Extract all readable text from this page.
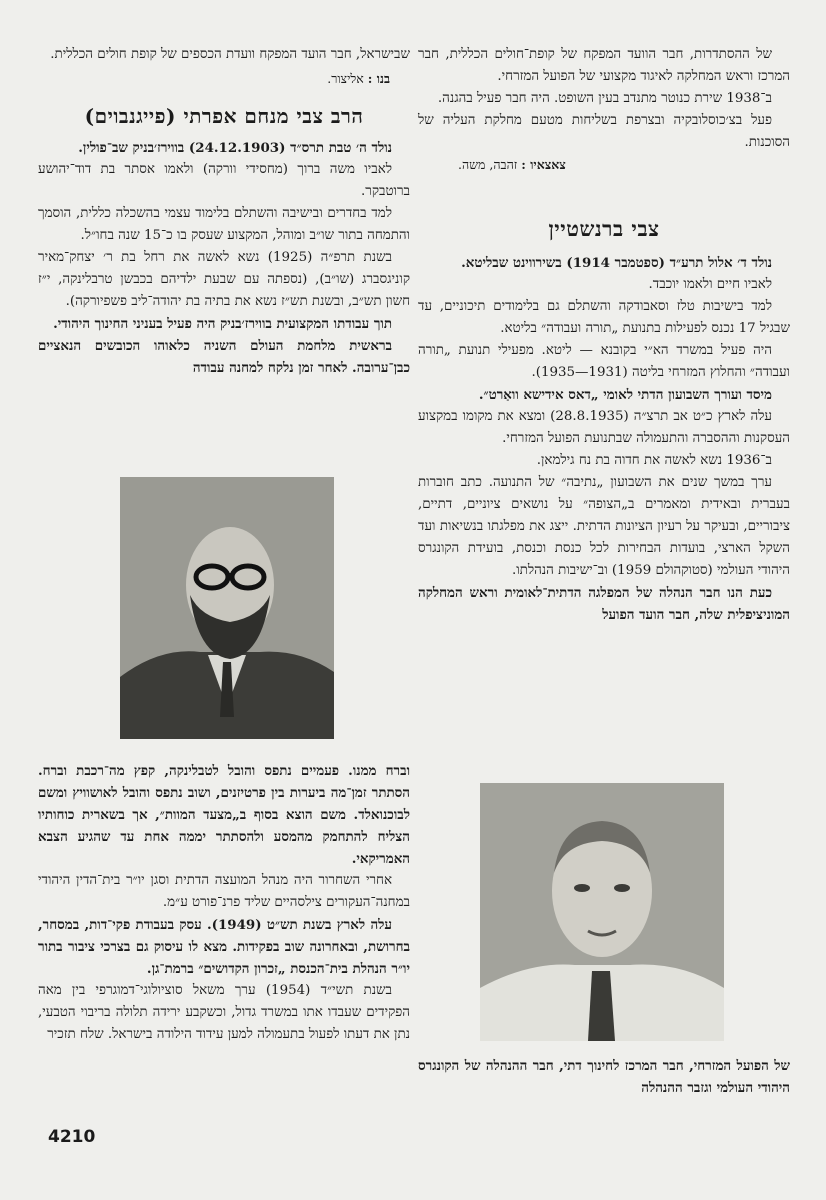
של ההסתדרות, חבר הוועד המפקח של קופת־חולים הכללית, חבר המרכז וראש המחלקה לאיגוד מקצועי של הפועל המזרחי.

ב־1938 שירת כנוטר מתנדב בעין השופט. היה חבר פעיל בהגנה.

פעל בצ׳כוסלובקיה ובצרפת בשליחות מטעם מחלקת העליה של הסוכנות.

צאצאיו : זהבה, משה.

צבי ברנשטיין

נולד ד׳ אלול תרע״ד (ספטמבר 1914) בשירווינט שבליטא.

לאביו חיים ולאמו יוכבד.

למד בישיבות טלז וסאבודקה והשתלם גם בלימודים תיכוניים, עד שבגיל 17 נכנס לפעילות בתנועת „תורה ועבודה״ בליטא.

היה פעיל במשרד הא״י בקובנא — ליטא. מפעילי תנועת „תורה ועבודה״ והחלוץ המזרחי בליטה (1931—1935).

מיסד ועורך השבועון הדתי לאומי „דאס אידישא וואַרט״.

עלה לארץ כ״ט אב תרצ״ה (28.8.1935) ומצא את מקומו במקצוע העסקנות וההסברה והתעמולה שבתנועת הפועל המזרחי.

ב־1936 נשא לאשה את חדוה בת נח גילמאן.

ערך במשך שנים את השבועון „נתיבה״ של התנועה. כתב חוברות בעברית ובאידית ומאמרים ב„הצופה״ על נושאים ציוניים, דתיים, ציבוריים, ובעיקר על רעיון הציונות הדתית. ייצג את מפלגתו בנשיאות ועד השקל הארצי, בועדות הבחירות לכל כנסת וכנסת, בועידת הקונגרס היהודי העולמי (סטוקהולם 1959) וב־ישיבות הנהלתו.

כעת הנו חבר הנהלה של המפלגה הדתית־לאומית וראש המחלקה המוניציפלית שלה, חבר הועד הפועל

של הפועל המזרחי, חבר המרכז לחינוך דתי, חבר ההנהלה של הקונגרס היהודי העולמי וגזבר ההנהלה

שבישראל, חבר הועד המפקח וועדת הכספים של קופת חולים הכללית.

בנו : אליצור.

הרב צבי מנחם אפרתי (פייגנבוים)

נולד ה׳ טבת תרס״ד (24.12.1903) בווירז׳בניק שב־פולין.

לאביו משה ברוך (מחסידי וורקה) ולאמו אסתר בת דוד־יהושע ברוטבקר.

למד בחדרים ובישיבה והשתלם בלימוד עצמי בהשכלה כללית, הוסמך והתמחה בתור שו״ב ומוהל, המקצוע שעסק בו כ־15 שנה בחו״ל.

בשנת תרפ״ה (1925) נשא לאשה את רחל בת ר׳ יצחק־מאיר קוניגסברג (שו״ב), (נספתה עם שבעת ילדיהם בכבשן טרבלינקה, י״ז חשון תש״ב, ובשנת תש״ז נשא את בתיה בת יהודה־ליב פשפיורקה).

תוך עבודתו המקצועית בווירז׳בניק היה פעיל בעניני החינוך היהודי.

בראשית מלחמת העולם השניה כלאוהו הכובשים הנאציים כבן־ערובה. לאחר זמן נלקח למחנה עבודה

וברח ממנו. פעמיים נתפס והובל לטבלינקה, קפץ מה־רכבת וברח. הסתתר זמן־מה ביערות בין פרטיזנים, ושוב נתפס והובל לאושוויץ ומשם לבוכנואלד. משם הוצא בסוף ב„מצעד המוות״, אך בשארית כוחותיו הצליח להתחמק מהמסע ולהסתתר יממה אחת עד שהגיע הצבא האמריקאי.

אחרי השחרור היה מנהל המועצה הדתית וסגן יו״ר בית־הדין היהודי במחנה־העקורים צילסהיים שליד פרנ־פורט ע״מ.

עלה לארץ בשנת תש״ט (1949). עסק בעבודת פקי־דות, במסחר, בחרושת, ובאחרונה שוב בפקידות. מצא לו עיסוק גם בצרכי ציבור בתור יו״ר הנהלת בית־הכנסת „זכרון הקדושים״ ברמת־גן.

בשנת תשי״ד (1954) ערך משאל סוציולוגי־דמוגרפי בין מאה הפקידים שעבדו אתו במשרד גדול, וכשקבע ירידה תלולה בריבוי הטבעי, נתן את דעתו לפעול בתעמולה למען עידוד הילודה בישראל. שלח תזכיר

4210
